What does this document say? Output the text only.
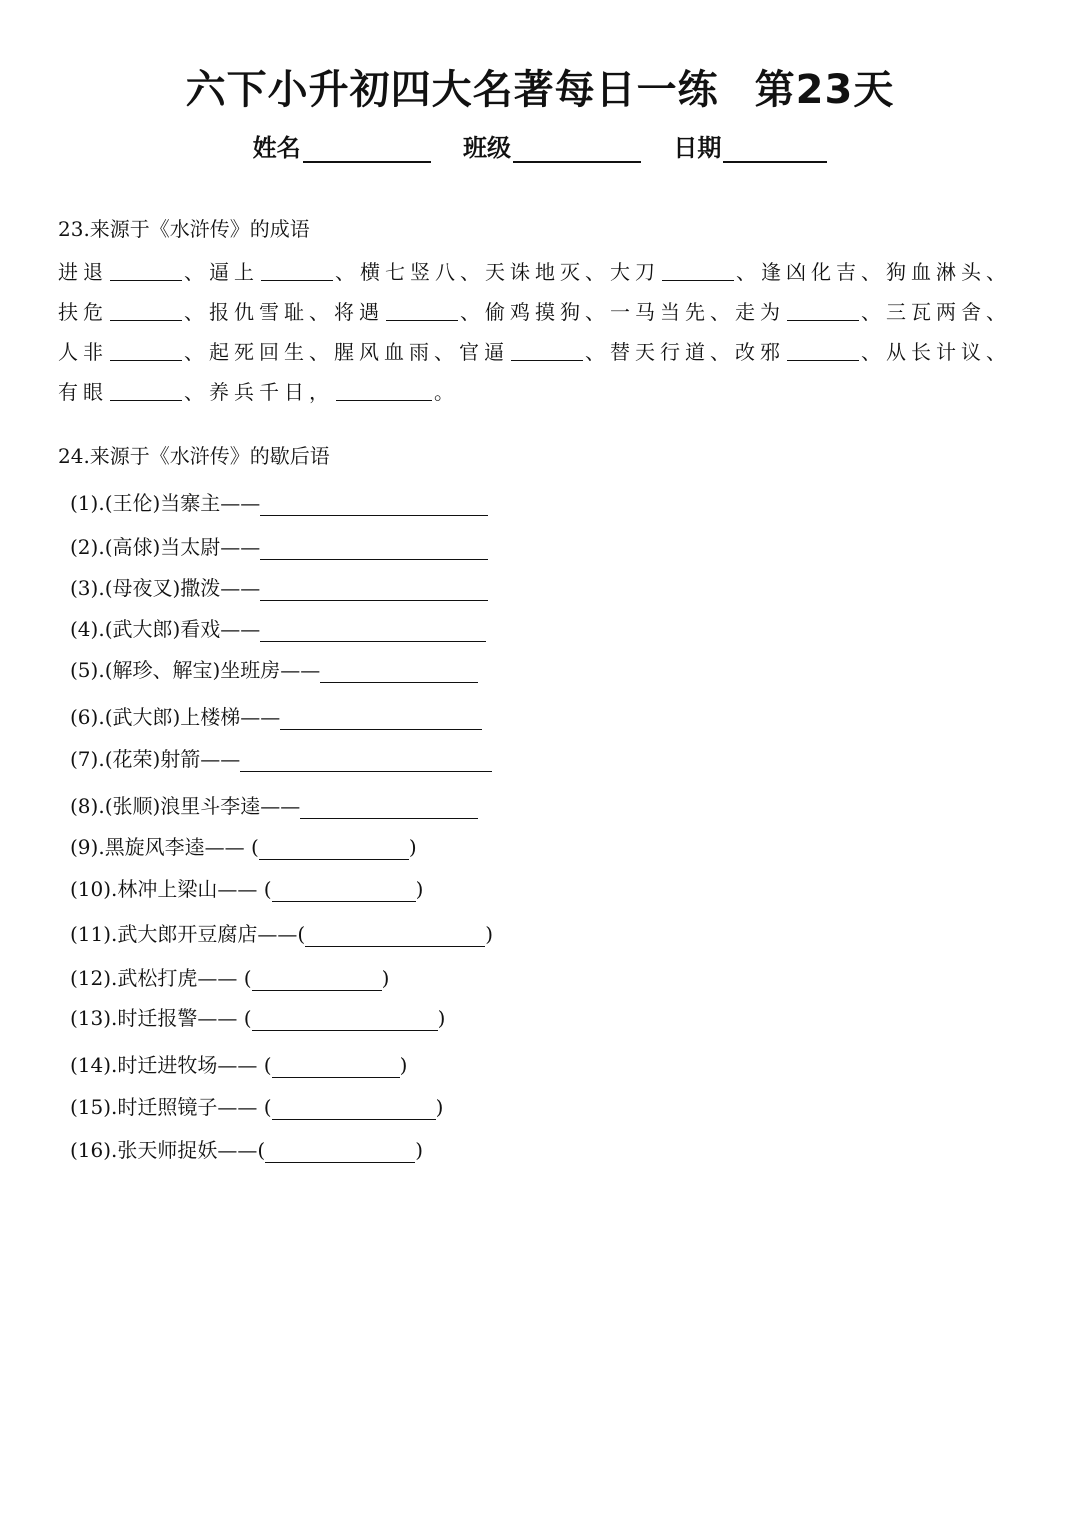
六下小升初四大名著每日一练 第23天
姓名	班级	日期
23.来源于《水浒传》的成语
进退	、逼上	、横七竖八、天诛地灭、大刀	、逢凶化吉、狗血淋头、
扶危	、报仇雪耻、将遇	、偷鸡摸狗、一马当先、走为	、三瓦两舍、
人非	、起死回生、腥风血雨、官逼	、替天行道、改邪	、从长计议、
有眼	、养兵千日，	。
24.来源于《水浒传》的歇后语
(1).(王伦)当寨主——
(2).(高俅)当太尉——
(3).(母夜叉)撒泼——
(4).(武大郎)看戏——
(5).(解珍、解宝)坐班房——
(6).(武大郎)上楼梯——
(7).(花荣)射箭——
(8).(张顺)浪里斗李逵——
(9).黑旋风李逵—— (	)
(10).林冲上梁山—— (	)
(11).武大郎开豆腐店——(	)
(12).武松打虎—— (	)
(13).时迁报警—— (	)
(14).时迁进牧场—— (	)
(15).时迁照镜子—— (	)
(16).张天师捉妖——(	)
